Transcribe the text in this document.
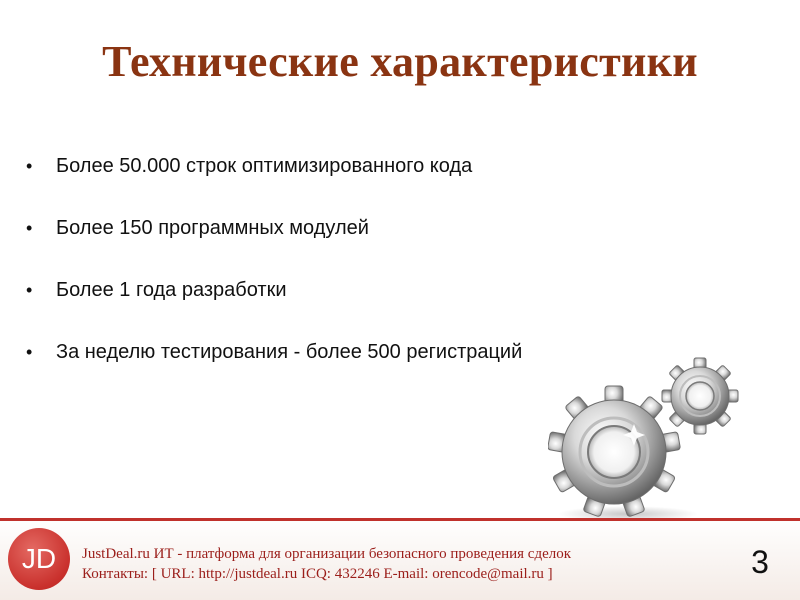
Технические характеристики
• Более 50.000 строк оптимизированного кода
• Более 150 программных модулей
• Более 1 года разработки
• За неделю тестирования - более 500 регистраций
JD	JustDeal.ru ИТ - платформа для организации безопасного проведения сделок
Контакты: [ URL: http://justdeal.ru ICQ: 432246 E-mail: orencode@mail.ru ]	3
